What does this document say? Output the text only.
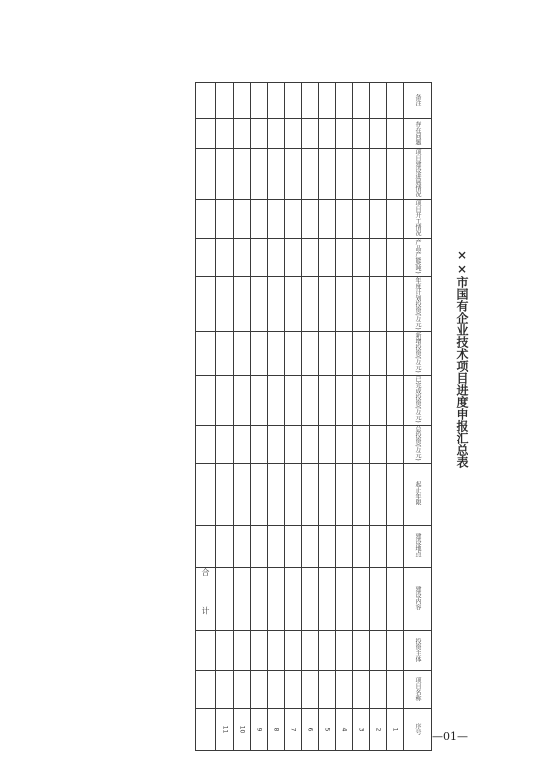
												备注
												存在问题
												项目建设进展情况
												项目开工情况
												产品产能(吨)
												年度计划投资(万元)
												新增投资(万元)
												已完成投资(万元)
												总投资(万元)
												起止年限
												建设地点
合 计												建设内容
												投资主体
												项目名称
	11	10	9	8	7	6	5	4	3	2	1	序号
××市国有企业技术项目进度申报汇总表
—01—
